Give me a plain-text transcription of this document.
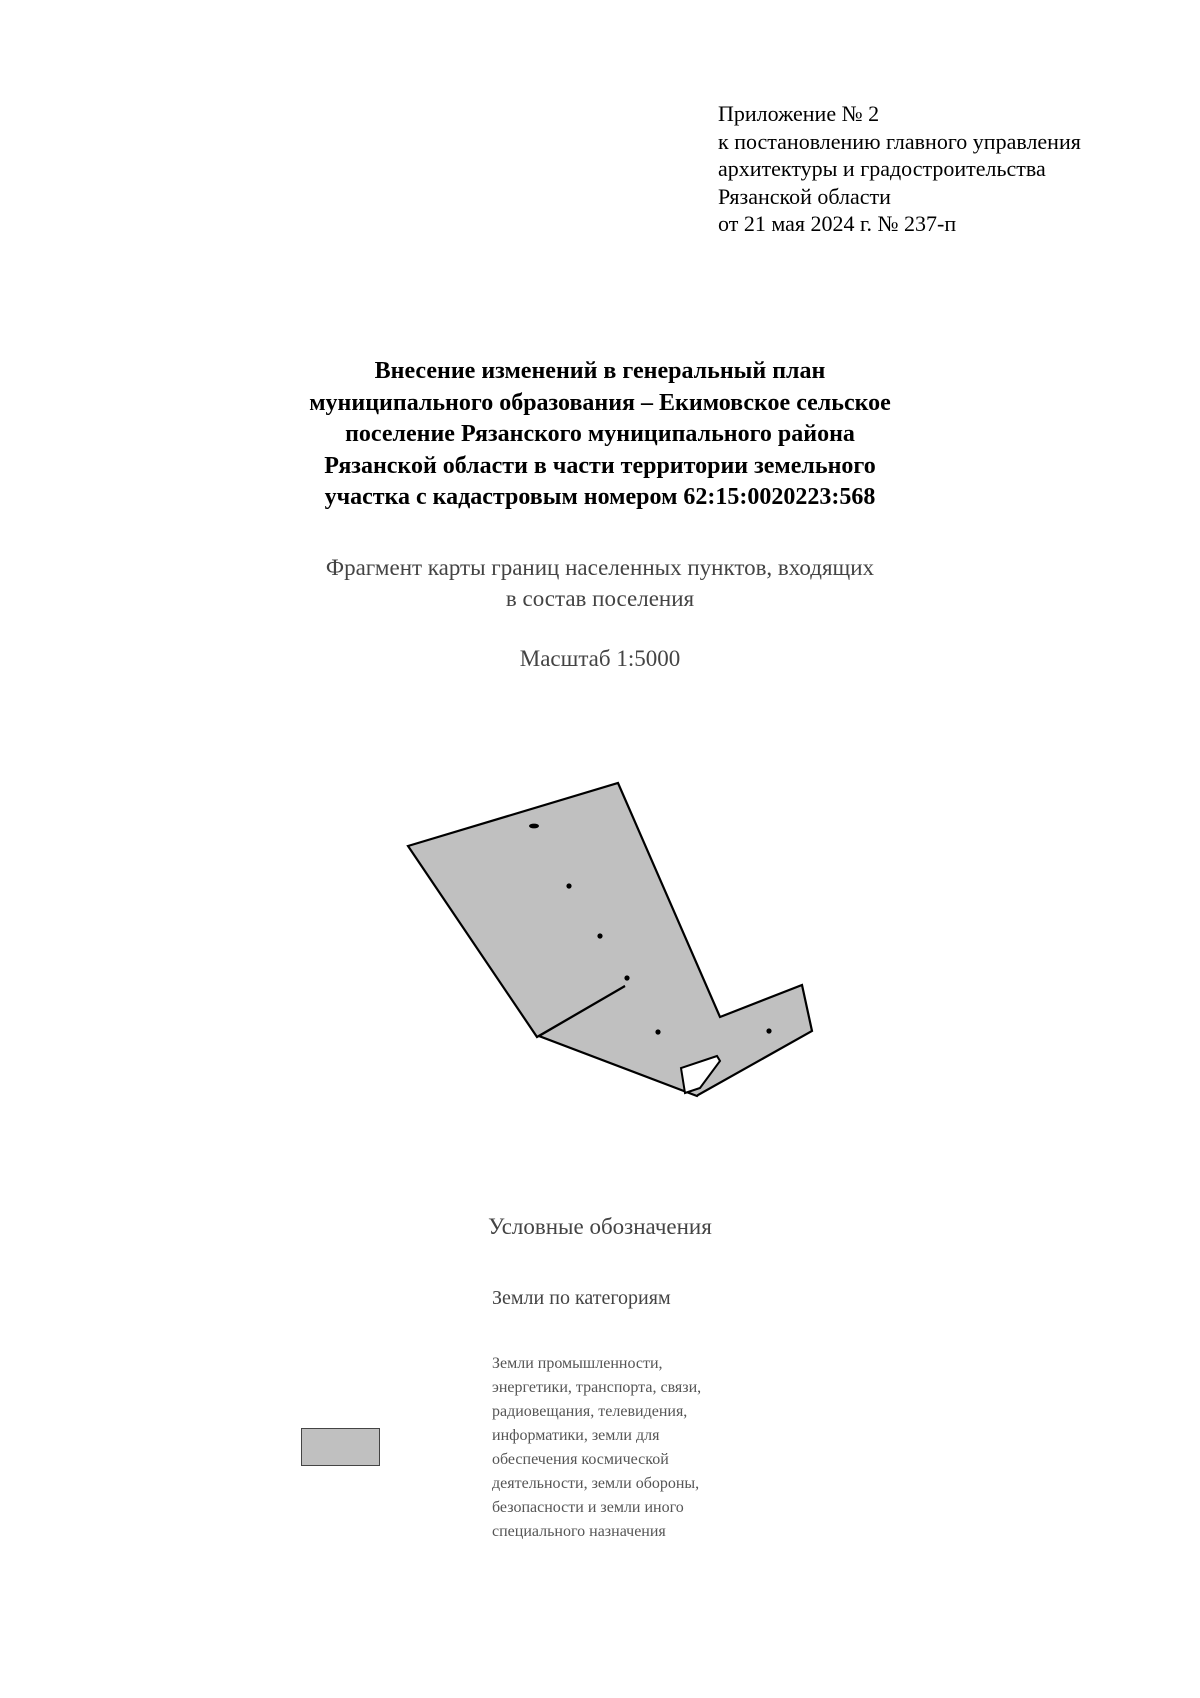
Приложение № 2
к постановлению главного управления
архитектуры и градостроительства
Рязанской области
от 21 мая 2024 г. № 237-п
Внесение изменений в генеральный план
муниципального образования – Екимовское сельское
поселение Рязанского муниципального района
Рязанской области в части территории земельного
участка с кадастровым номером 62:15:0020223:568
Фрагмент карты границ населенных пунктов, входящих
в состав поселения
Масштаб 1:5000
Условные обозначения
Земли по категориям
Земли промышленности,
энергетики, транспорта, связи,
радиовещания, телевидения,
информатики, земли для
обеспечения космической
деятельности, земли обороны,
безопасности и земли иного
специального назначения
